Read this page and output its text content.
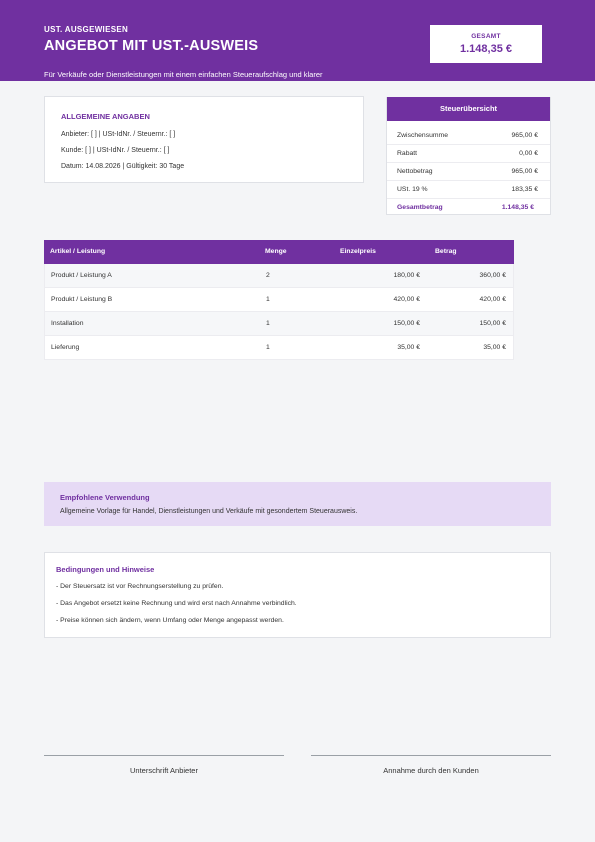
UST. AUSGEWIESEN
ANGEBOT MIT UST.-AUSWEIS
Für Verkäufe oder Dienstleistungen mit einem einfachen Steueraufschlag und klarer
GESAMT
1.148,35 €
ALLGEMEINE ANGABEN
Anbieter: [ ] | USt-IdNr. / Steuernr.: [ ]
Kunde: [ ] | USt-IdNr. / Steuernr.: [ ]
Datum: 14.08.2026 | Gültigkeit: 30 Tage
Steuerübersicht
Zwischensumme	965,00 €
Rabatt	0,00 €
Nettobetrag	965,00 €
USt. 19 %	183,35 €
Gesamtbetrag	1.148,35 €
Artikel / Leistung	Menge	Einzelpreis	Betrag
Produkt / Leistung A	2	180,00 €	360,00 €
Produkt / Leistung B	1	420,00 €	420,00 €
Installation	1	150,00 €	150,00 €
Lieferung	1	35,00 €	35,00 €
Empfohlene Verwendung
Allgemeine Vorlage für Handel, Dienstleistungen und Verkäufe mit gesondertem Steuerausweis.
Bedingungen und Hinweise
- Der Steuersatz ist vor Rechnungserstellung zu prüfen.
- Das Angebot ersetzt keine Rechnung und wird erst nach Annahme verbindlich.
- Preise können sich ändern, wenn Umfang oder Menge angepasst werden.
Unterschrift Anbieter	Annahme durch den Kunden
